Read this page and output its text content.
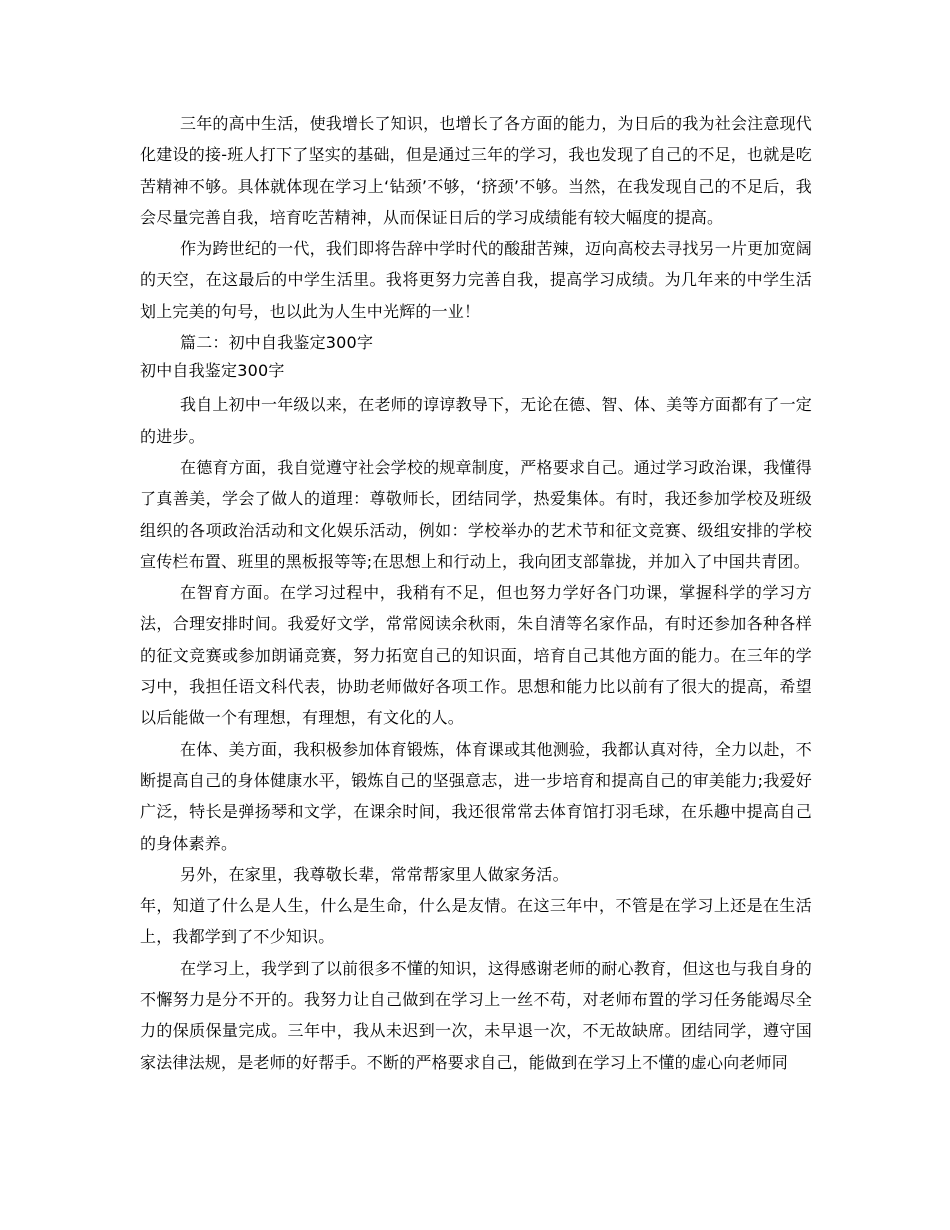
三年的高中生活，使我增长了知识，也增长了各方面的能力，为日后的我为社会注意现代化建设的接-班人打下了坚实的基础，但是通过三年的学习，我也发现了自己的不足，也就是吃苦精神不够。具体就体现在学习上‘钻颈’不够，‘挤颈’不够。当然，在我发现自己的不足后，我会尽量完善自我，培育吃苦精神，从而保证日后的学习成绩能有较大幅度的提高。

作为跨世纪的一代，我们即将告辞中学时代的酸甜苦辣，迈向高校去寻找另一片更加宽阔的天空，在这最后的中学生活里。我将更努力完善自我，提高学习成绩。为几年来的中学生活划上完美的句号，也以此为人生中光辉的一业！

篇二：初中自我鉴定300字

初中自我鉴定300字

我自上初中一年级以来，在老师的谆谆教导下，无论在德、智、体、美等方面都有了一定的进步。

在德育方面，我自觉遵守社会学校的规章制度，严格要求自己。通过学习政治课，我懂得了真善美，学会了做人的道理：尊敬师长，团结同学，热爱集体。有时，我还参加学校及班级组织的各项政治活动和文化娱乐活动，例如：学校举办的艺术节和征文竞赛、级组安排的学校宣传栏布置、班里的黑板报等等;在思想上和行动上，我向团支部靠拢，并加入了中国共青团。

在智育方面。在学习过程中，我稍有不足，但也努力学好各门功课，掌握科学的学习方法，合理安排时间。我爱好文学，常常阅读余秋雨，朱自清等名家作品，有时还参加各种各样的征文竞赛或参加朗诵竞赛，努力拓宽自己的知识面，培育自己其他方面的能力。在三年的学习中，我担任语文科代表，协助老师做好各项工作。思想和能力比以前有了很大的提高，希望以后能做一个有理想，有理想，有文化的人。

在体、美方面，我积极参加体育锻炼，体育课或其他测验，我都认真对待，全力以赴，不断提高自己的身体健康水平，锻炼自己的坚强意志，进一步培育和提高自己的审美能力;我爱好广泛，特长是弹扬琴和文学，在课余时间，我还很常常去体育馆打羽毛球，在乐趣中提高自己的身体素养。

另外，在家里，我尊敬长辈，常常帮家里人做家务活。

年，知道了什么是人生，什么是生命，什么是友情。在这三年中，不管是在学习上还是在生活上，我都学到了不少知识。

在学习上，我学到了以前很多不懂的知识，这得感谢老师的耐心教育，但这也与我自身的不懈努力是分不开的。我努力让自己做到在学习上一丝不苟，对老师布置的学习任务能竭尽全力的保质保量完成。三年中，我从未迟到一次，未早退一次，不无故缺席。团结同学，遵守国家法律法规，是老师的好帮手。不断的严格要求自己，能做到在学习上不懂的虚心向老师同
